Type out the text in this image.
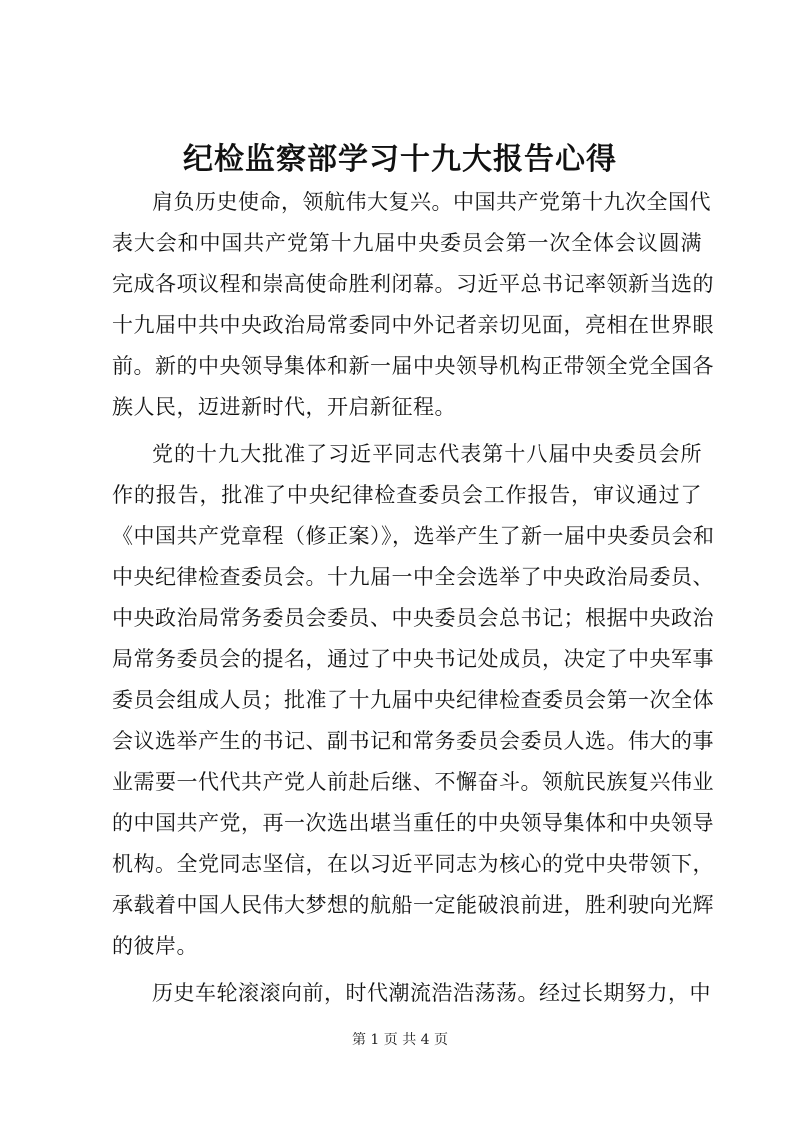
纪检监察部学习十九大报告心得
肩负历史使命，领航伟大复兴。中国共产党第十九次全国代
表大会和中国共产党第十九届中央委员会第一次全体会议圆满
完成各项议程和崇高使命胜利闭幕。习近平总书记率领新当选的
十九届中共中央政治局常委同中外记者亲切见面，亮相在世界眼
前。新的中央领导集体和新一届中央领导机构正带领全党全国各
族人民，迈进新时代，开启新征程。
党的十九大批准了习近平同志代表第十八届中央委员会所
作的报告，批准了中央纪律检查委员会工作报告，审议通过了
《中国共产党章程（修正案）》，选举产生了新一届中央委员会和
中央纪律检查委员会。十九届一中全会选举了中央政治局委员、
中央政治局常务委员会委员、中央委员会总书记；根据中央政治
局常务委员会的提名，通过了中央书记处成员，决定了中央军事
委员会组成人员；批准了十九届中央纪律检查委员会第一次全体
会议选举产生的书记、副书记和常务委员会委员人选。伟大的事
业需要一代代共产党人前赴后继、不懈奋斗。领航民族复兴伟业
的中国共产党，再一次选出堪当重任的中央领导集体和中央领导
机构。全党同志坚信，在以习近平同志为核心的党中央带领下，
承载着中国人民伟大梦想的航船一定能破浪前进，胜利驶向光辉
的彼岸。
历史车轮滚滚向前，时代潮流浩浩荡荡。经过长期努力，中
第 1 页 共 4 页
